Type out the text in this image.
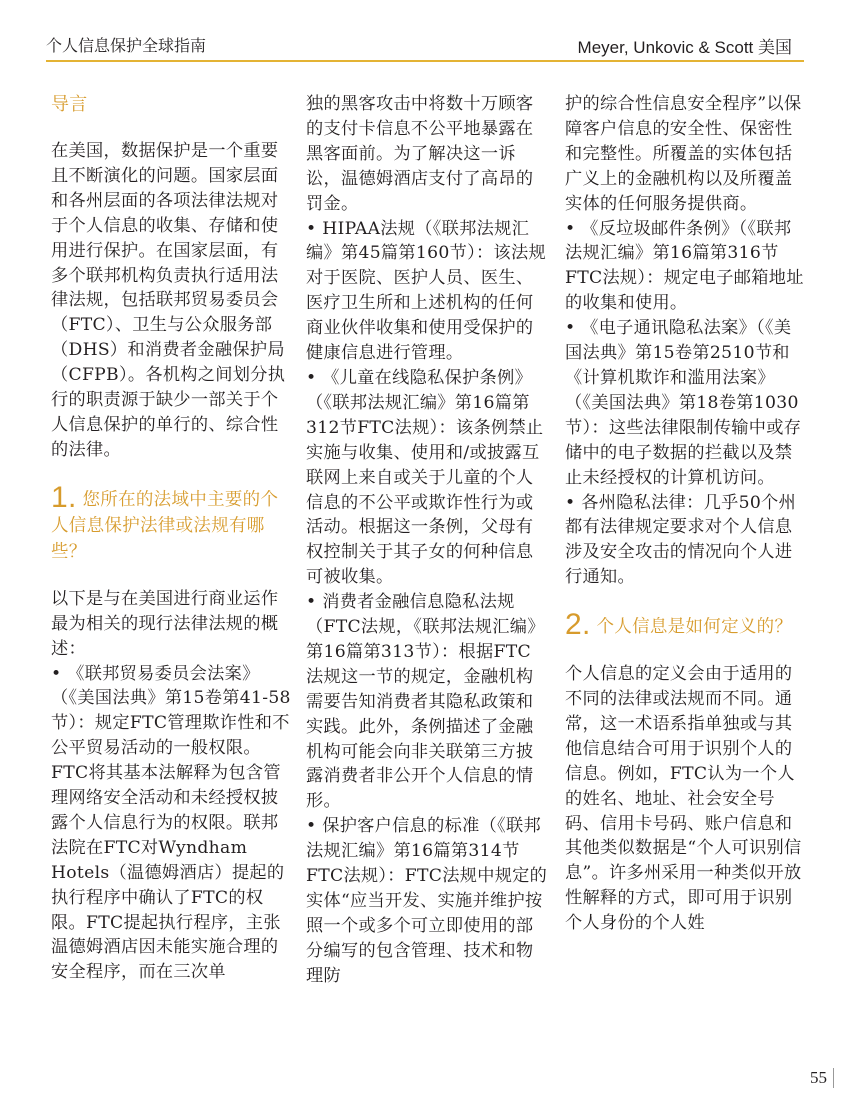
个人信息保护全球指南	Meyer, Unkovic & Scott 美国
导言

在美国，数据保护是一个重要且不断演化的问题。国家层面和各州层面的各项法律法规对于个人信息的收集、存储和使用进行保护。在国家层面，有多个联邦机构负责执行适用法律法规，包括联邦贸易委员会（FTC）、卫生与公众服务部（DHS）和消费者金融保护局（CFPB）。各机构之间划分执行的职责源于缺少一部关于个人信息保护的单行的、综合性的法律。

1. 您所在的法域中主要的个人信息保护法律或法规有哪些？

以下是与在美国进行商业运作最为相关的现行法律法规的概述：

• 《联邦贸易委员会法案》（《美国法典》第15卷第41-58节）：规定FTC管理欺诈性和不公平贸易活动的一般权限。FTC将其基本法解释为包含管理网络安全活动和未经授权披露个人信息行为的权限。联邦法院在FTC对Wyndham Hotels（温德姆酒店）提起的执行程序中确认了FTC的权限。FTC提起执行程序，主张温德姆酒店因未能实施合理的安全程序，而在三次单

独的黑客攻击中将数十万顾客的支付卡信息不公平地暴露在黑客面前。为了解决这一诉讼，温德姆酒店支付了高昂的罚金。

• HIPAA法规（《联邦法规汇编》第45篇第160节）：该法规对于医院、医护人员、医生、医疗卫生所和上述机构的任何商业伙伴收集和使用受保护的健康信息进行管理。

• 《儿童在线隐私保护条例》（《联邦法规汇编》第16篇第312节FTC法规）：该条例禁止实施与收集、使用和/或披露互联网上来自或关于儿童的个人信息的不公平或欺诈性行为或活动。根据这一条例，父母有权控制关于其子女的何种信息可被收集。

• 消费者金融信息隐私法规（FTC法规，《联邦法规汇编》第16篇第313节）：根据FTC法规这一节的规定，金融机构需要告知消费者其隐私政策和实践。此外，条例描述了金融机构可能会向非关联第三方披露消费者非公开个人信息的情形。

• 保护客户信息的标准（《联邦法规汇编》第16篇第314节FTC法规）：FTC法规中规定的实体“应当开发、实施并维护按照一个或多个可立即使用的部分编写的包含管理、技术和物理防

护的综合性信息安全程序”以保障客户信息的安全性、保密性和完整性。所覆盖的实体包括广义上的金融机构以及所覆盖实体的任何服务提供商。

• 《反垃圾邮件条例》（《联邦法规汇编》第16篇第316节FTC法规）：规定电子邮箱地址的收集和使用。

• 《电子通讯隐私法案》（《美国法典》第15卷第2510节和《计算机欺诈和滥用法案》（《美国法典》第18卷第1030节）：这些法律限制传输中或存储中的电子数据的拦截以及禁止未经授权的计算机访问。

• 各州隐私法律：几乎50个州都有法律规定要求对个人信息涉及安全攻击的情况向个人进行通知。

2. 个人信息是如何定义的？

个人信息的定义会由于适用的不同的法律或法规而不同。通常，这一术语系指单独或与其他信息结合可用于识别个人的信息。例如，FTC认为一个人的姓名、地址、社会安全号码、信用卡号码、账户信息和其他类似数据是“个人可识别信息”。许多州采用一种类似开放性解释的方式，即可用于识别个人身份的个人姓

55
